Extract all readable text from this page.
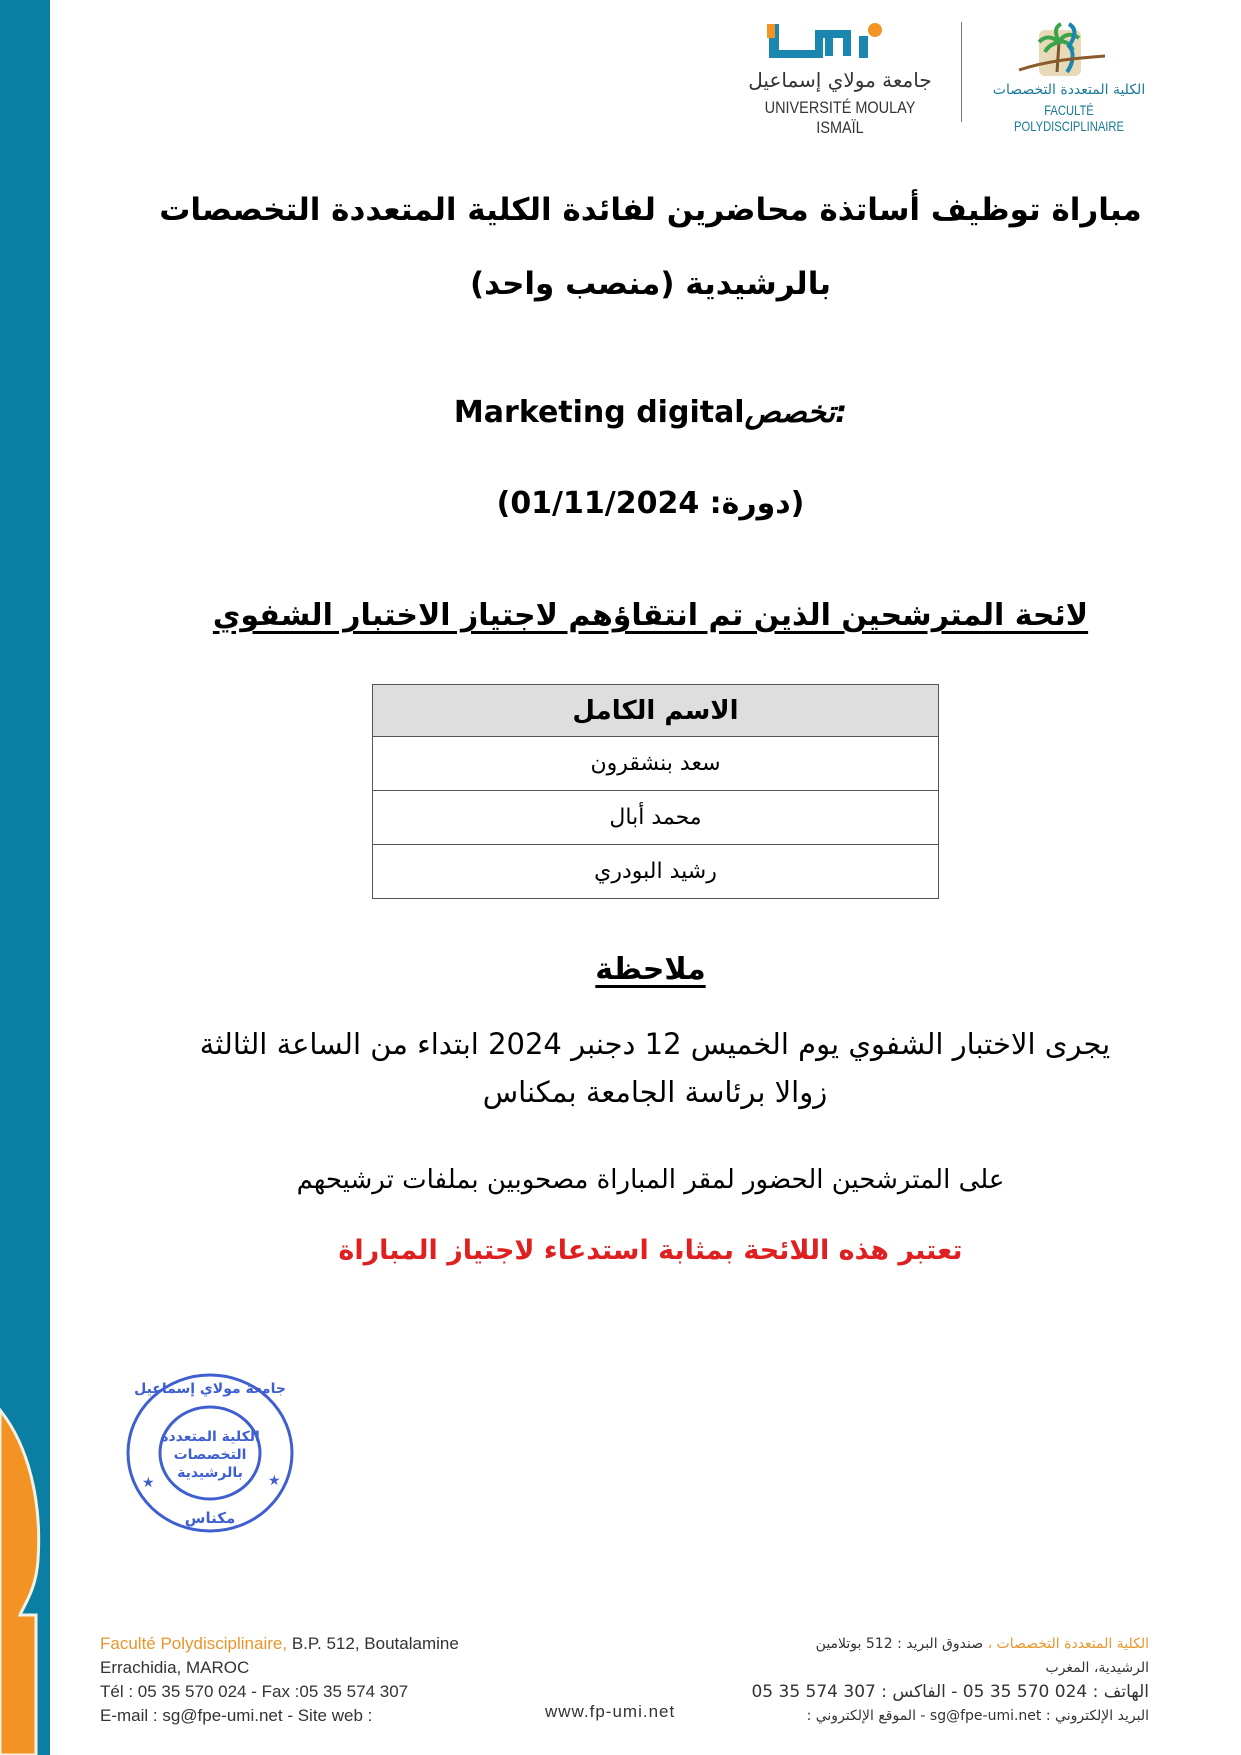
جامعة مولاي إسماعيل
UNIVERSITÉ MOULAY ISMAÏL
الكلية المتعددة التخصصات
FACULTÉ POLYDISCIPLINAIRE
مباراة توظيف أساتذة محاضرين لفائدة الكلية المتعددة التخصصات
بالرشيدية (منصب واحد)
Marketing digitalتخصص:
(دورة: 01/11/2024)
لائحة المترشحين الذين تم انتقاؤهم لاجتياز الاختبار الشفوي
الاسم الكامل
سعد بنشقرون
محمد أبال
رشيد البودري
ملاحظة
يجرى الاختبار الشفوي يوم الخميس 12 دجنبر 2024 ابتداء من الساعة الثالثة زوالا برئاسة الجامعة بمكناس
على المترشحين الحضور لمقر المباراة مصحوبين بملفات ترشيحهم
تعتبر هذه اللائحة بمثابة استدعاء لاجتياز المباراة
الكلية المتعددة
التخصصات
بالرشيدية
مكناس
جامعة مولاي إسماعيل
★	★
Faculté Polydisciplinaire, B.P. 512, Boutalamine
Errachidia, MAROC
Tél : 05 35 570 024 - Fax :05 35 574 307
E-mail : sg@fpe-umi.net - Site web :	www.fp-umi.net
الكلية المتعددة التخصصات ، صندوق البريد : 512 بوتلامين
الرشيدية، المغرب
الهاتف : 024 570 35 05 - الفاكس : 307 574 35 05
البريد الإلكتروني : sg@fpe-umi.net - الموقع الإلكتروني :
